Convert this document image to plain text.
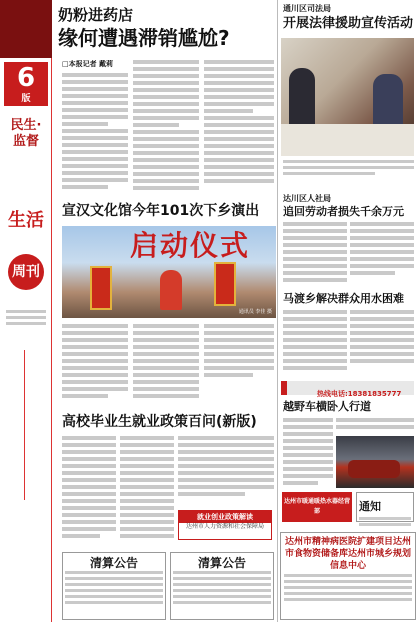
6
版
民生·监督
生活
周刊
奶粉进药店
缘何遭遇滞销尴尬?
□本报记者 戴莉
宣汉文化馆今年101次下乡演出
启动仪式
通讯员 李佳 摄
高校毕业生就业政策百问(新版)
就业创业政策解读
达州市人力资源和社会保障局
清算公告	清算公告
通川区司法局
开展法律援助宣传活动
达川区人社局
追回劳动者损失千余万元
马渡乡解决群众用水困难
热线电话:18381835777
越野车横卧人行道
达州市暖通暖热水器经营部	通知
达州市精神病医院扩建项目达州市食物资储备库达州市城乡规划信息中心
